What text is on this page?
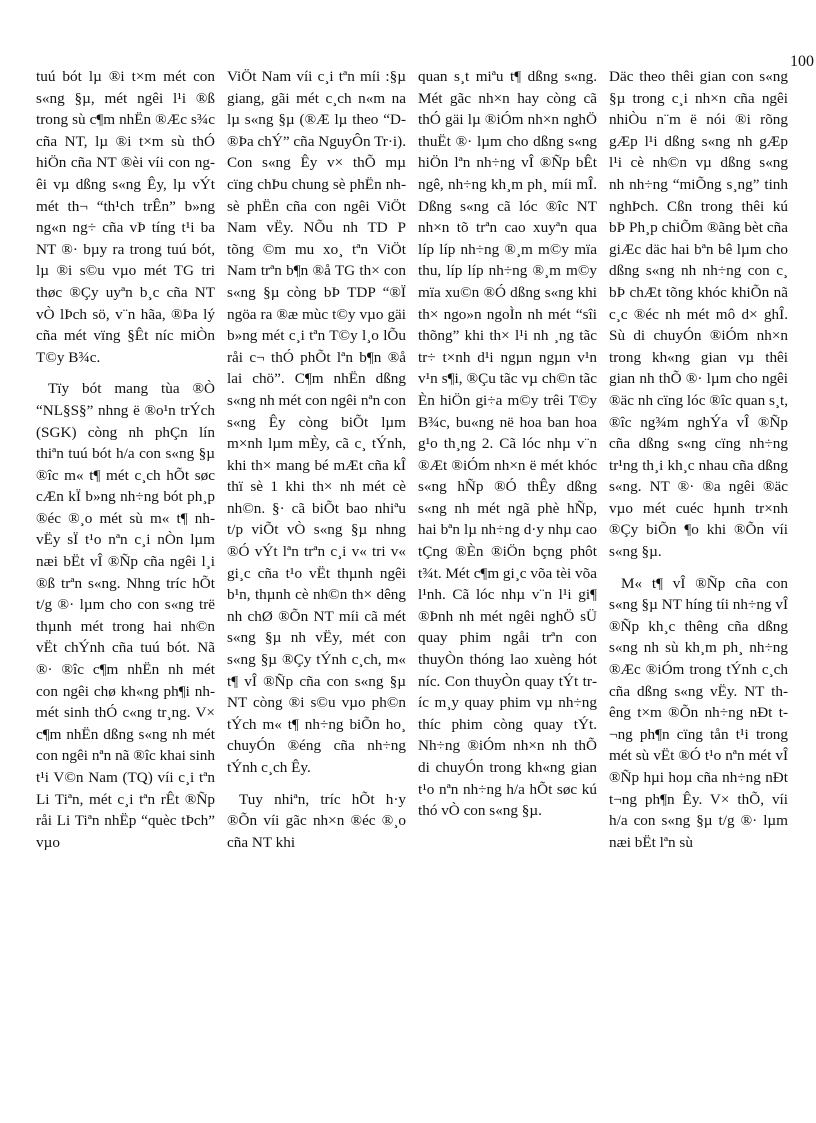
100

tuú bót lµ ®i t×m mét con s«ng §µ, mét ngêi l¹i ®ß trong sù c¶m nhËn ®Æc s¾c cña NT, lµ ®i t×m sù thÓ hiÖn cña NT ®èi víi con ngêi vµ dßng s«ng Êy, lµ vÝt mét th¬ “th¹ch trÊn” b»ng ng«n ng÷ cña vÞ tíng t¹i ba NT ®· bµy ra trong tuú bót, lµ ®i s©u vµo mét TG tri thøc ®Çy uyªn b¸c cña NT vÒ lÞch sö, v¨n hãa, ®Þa lý cña mét vïng §Êt níc miÒn T©y B¾c.

Tïy bót mang tùa ®Ò “NL§S§” nhng ë ®o¹n trÝch (SGK) còng nh phÇn lín thiªn tuú bót h/a con s«ng §µ ®îc m« t¶ mét c¸ch hÕt søc cÆn kÏ b»ng nh÷ng bót ph¸p ®éc ®¸o mét sù m« t¶ nh vËy sÏ t¹o nªn c¸i nÒn lµm næi bËt vÎ ®Ñp cña ngêi l¸i ®ß trªn s«ng. Nhng tríc hÕt t/g ®· lµm cho con s«ng trë thµnh mét trong hai nh©n vËt chÝnh cña tuú bót. Nã ®· ®îc c¶m nhËn nh mét con ngêi chø kh«ng ph¶i nh mét sinh thÓ c«ng tr¸ng. V× c¶m nhËn dßng s«ng nh mét con ngêi nªn nã ®îc khai sinh t¹i V©n Nam (TQ) víi c¸i tªn Li Tiªn, mét c¸i tªn rÊt ®Ñp råi Li Tiªn nhËp “quèc tÞch” vµo

ViÖt Nam víi c¸i tªn míi :§µ giang, gãi mét c¸ch n«m na lµ s«ng §µ (®Æ lµ theo “D ®Þa chÝ” cña NguyÔn Tr·i). Con s«ng Êy v× thÕ mµ cïng chÞu chung sè phËn nh sè phËn cña con ngêi ViÖt Nam vËy. NÕu nh TD P tõng ©m mu xo¸ tªn ViÖt Nam trªn b¶n ®å TG th× con s«ng §µ còng bÞ TDP “®Ï ngöa ra ®æ mùc t©y vµo gäi b»ng mét c¸i tªn T©y l¸o lÕu råi c¬ thÓ phÕt lªn b¶n ®å lai chö”. C¶m nhËn dßng s«ng nh mét con ngêi nªn con s«ng Êy còng biÕt lµm m×nh lµm mÈy, cã c¸ tÝnh, khi th× mang bé mÆt cña kÎ thï sè 1 khi th× nh mét cè nh©n. §· cã biÕt bao nhiªu t/p viÕt vÒ s«ng §µ nhng ®Ó vÝt lªn trªn c¸i v« tri v« gi¸c cña t¹o vËt thµnh ngêi b¹n, thµnh cè nh©n th× dêng nh chØ ®Õn NT míi cã mét s«ng §µ nh vËy, mét con s«ng §µ ®Çy tÝnh c¸ch, m« t¶ vÎ ®Ñp cña con s«ng §µ NT còng ®i s©u vµo ph©n tÝch m« t¶ nh÷ng biÕn ho¸ chuyÓn ®éng cña nh÷ng tÝnh c¸ch Êy.

Tuy nhiªn, tríc hÕt h·y ®Õn víi gãc nh×n ®éc ®¸o cña NT khi

quan s¸t miªu t¶ dßng s«ng. Mét gãc nh×n hay còng cã thÓ gäi lµ ®iÓm nh×n nghÖ thuËt ®· lµm cho dßng s«ng hiÖn lªn nh÷ng vÎ ®Ñp bÊt ngê, nh÷ng kh¸m ph¸ míi mÎ. Dßng s«ng cã lóc ®îc NT nh×n tõ trªn cao xuyªn qua líp líp nh÷ng ®¸m m©y mïa thu, líp líp nh÷ng ®¸m m©y mïa xu©n ®Ó dßng s«ng khi th× ngo»n ngoÌn nh mét “sîi thõng” khi th× l¹i nh ¸ng tãc tr÷ t×nh d¹i ngµn ngµn v¹n v¹n s¶i, ®Çu tãc vµ ch©n tãc Èn hiÖn gi÷a m©y trêi T©y B¾c, bu«ng në hoa ban hoa g¹o th¸ng 2. Cã lóc nhµ v¨n ®Æt ®iÓm nh×n ë mét khóc s«ng hÑp ®Ó thÊy dßng s«ng nh mét ngã phè hÑp, hai bªn lµ nh÷ng d·y nhµ cao tÇng ®Èn ®iÖn bçng phôt t¾t. Mét c¶m gi¸c võa tèi võa l¹nh. Cã lóc nhµ v¨n l¹i gi¶ ®Þnh nh mét ngêi nghÖ sÜ quay phim ngåi trªn con thuyÒn thóng lao xuèng hót níc. Con thuyÒn quay tÝt tríc m¸y quay phim vµ nh÷ng thíc phim còng quay tÝt. Nh÷ng ®iÓm nh×n nh thÕ di chuyÓn trong kh«ng gian t¹o nªn nh÷ng h/a hÕt søc kú thó vÒ con s«ng §µ.

Däc theo thêi gian con s«ng §µ trong c¸i nh×n cña ngêi nhiÒu n¨m ë nói ®i rõng gÆp l¹i dßng s«ng nh gÆp l¹i cè nh©n vµ dßng s«ng nh nh÷ng “miÕng s¸ng” tinh nghÞch. Cßn trong thêi kú bÞ Ph¸p chiÕm ®ãng bèt cña giÆc däc hai bªn bê lµm cho dßng s«ng nh nh÷ng con c¸ bÞ chÆt tõng khóc khiÕn nã c¸c ®éc nh mét mô d× ghÎ. Sù di chuyÓn ®iÓm nh×n trong kh«ng gian vµ thêi gian nh thÕ ®· lµm cho ngêi ®äc nh cïng lóc ®îc quan s¸t, ®îc ng¾m nghÝa vÎ ®Ñp cña dßng s«ng cïng nh÷ng tr¹ng th¸i kh¸c nhau cña dßng s«ng. NT ®· ®a ngêi ®äc vµo mét cuéc hµnh tr×nh ®Çy biÕn ¶o khi ®Õn víi s«ng §µ.

M« t¶ vÎ ®Ñp cña con s«ng §µ NT híng tíi nh÷ng vÎ ®Ñp kh¸c thêng cña dßng s«ng nh sù kh¸m ph¸ nh÷ng ®Æc ®iÓm trong tÝnh c¸ch cña dßng s«ng vËy. NT thêng t×m ®Õn nh÷ng nÐt t¬ng ph¶n cïng tån t¹i trong mét sù vËt ®Ó t¹o nªn mét vÎ ®Ñp hµi hoµ cña nh÷ng nÐt t¬ng ph¶n Êy. V× thÕ, víi h/a con s«ng §µ t/g ®· lµm næi bËt lªn sù
